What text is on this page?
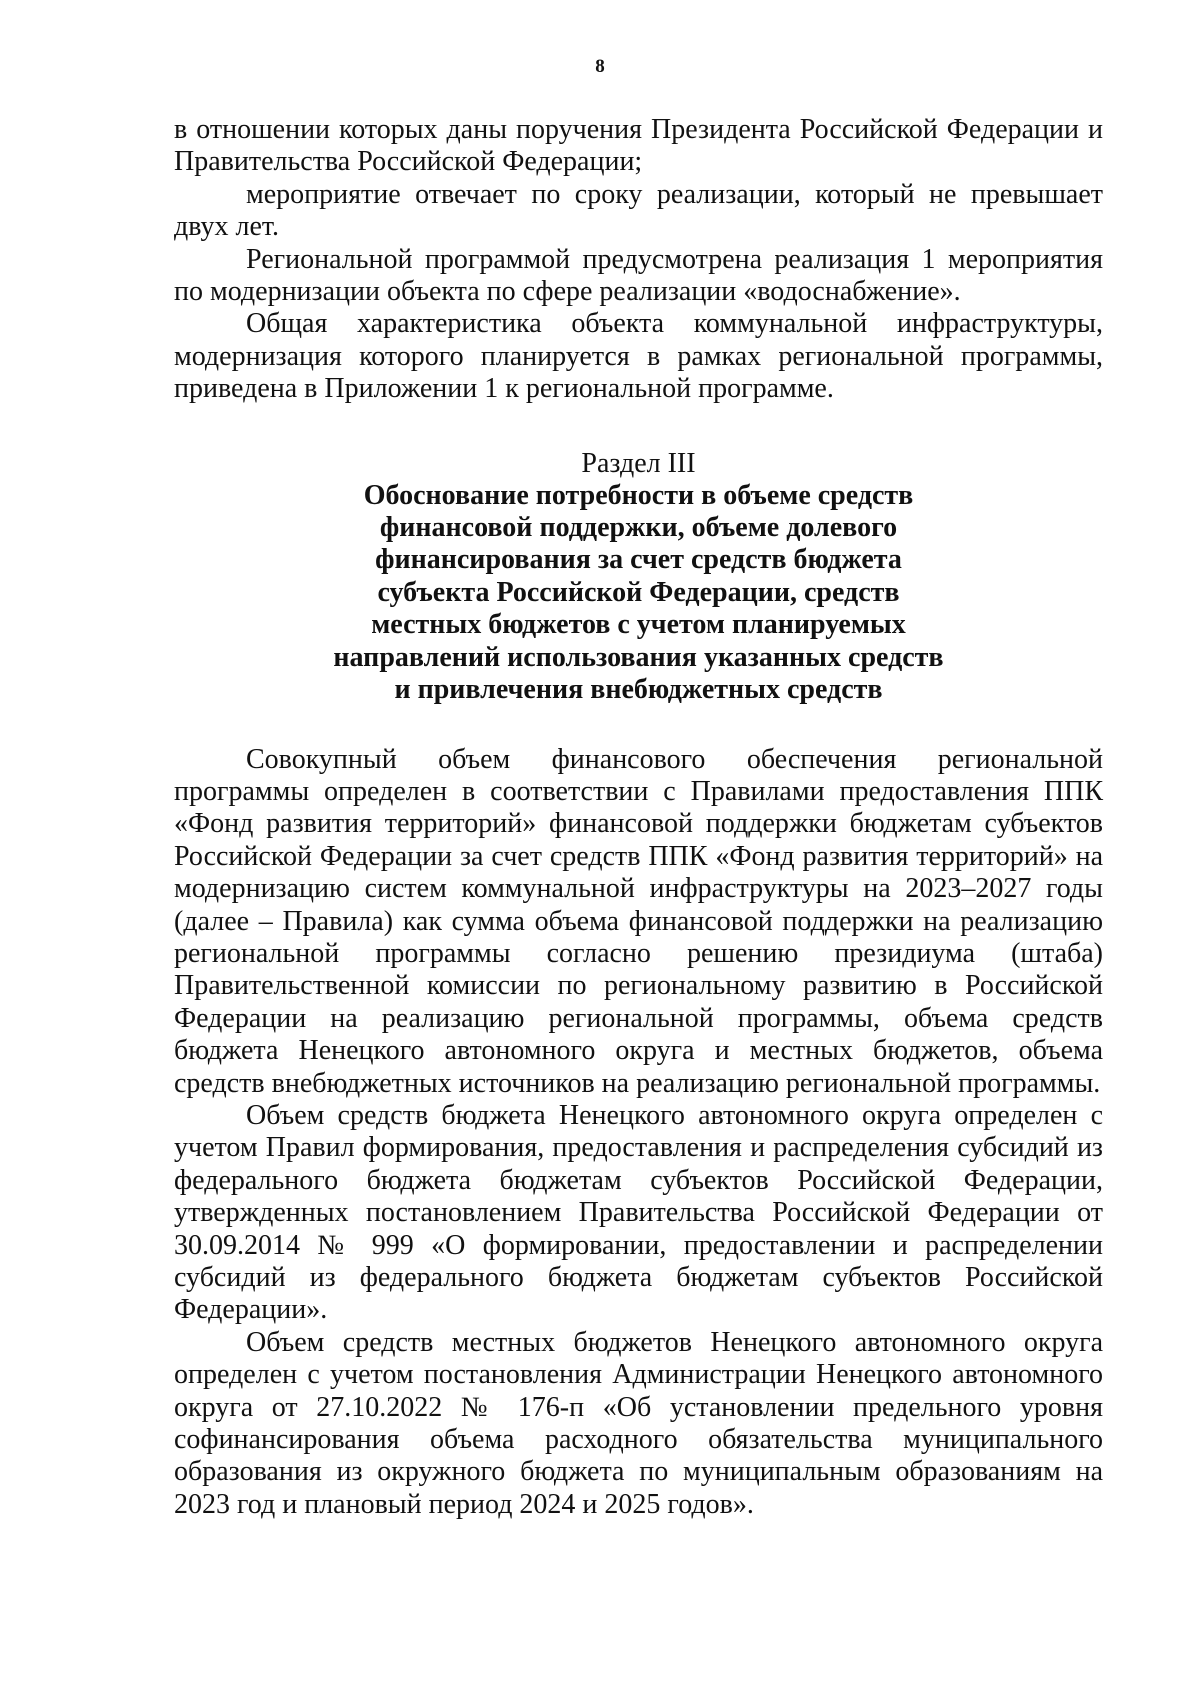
8

в отношении которых даны поручения Президента Российской Федерации и Правительства Российской Федерации;

мероприятие отвечает по сроку реализации, который не превышает двух лет.

Региональной программой предусмотрена реализация 1 мероприятия по модернизации объекта по сфере реализации «водоснабжение».

Общая характеристика объекта коммунальной инфраструктуры, модернизация которого планируется в рамках региональной программы, приведена в Приложении 1 к региональной программе.

Раздел III
Обоснование потребности в объеме средств финансовой поддержки, объеме долевого финансирования за счет средств бюджета субъекта Российской Федерации, средств местных бюджетов с учетом планируемых направлений использования указанных средств и привлечения внебюджетных средств

Совокупный объем финансового обеспечения региональной программы определен в соответствии с Правилами предоставления ППК «Фонд развития территорий» финансовой поддержки бюджетам субъектов Российской Федерации за счет средств ППК «Фонд развития территорий» на модернизацию систем коммунальной инфраструктуры на 2023–2027 годы (далее – Правила) как сумма объема финансовой поддержки на реализацию региональной программы согласно решению президиума (штаба) Правительственной комиссии по региональному развитию в Российской Федерации на реализацию региональной программы, объема средств бюджета Ненецкого автономного округа и местных бюджетов, объема средств внебюджетных источников на реализацию региональной программы.

Объем средств бюджета Ненецкого автономного округа определен с учетом Правил формирования, предоставления и распределения субсидий из федерального бюджета бюджетам субъектов Российской Федерации, утвержденных постановлением Правительства Российской Федерации от 30.09.2014 № 999 «О формировании, предоставлении и распределении субсидий из федерального бюджета бюджетам субъектов Российской Федерации».

Объем средств местных бюджетов Ненецкого автономного округа определен с учетом постановления Администрации Ненецкого автономного округа от 27.10.2022 № 176-п «Об установлении предельного уровня софинансирования объема расходного обязательства муниципального образования из окружного бюджета по муниципальным образованиям на 2023 год и плановый период 2024 и 2025 годов».
